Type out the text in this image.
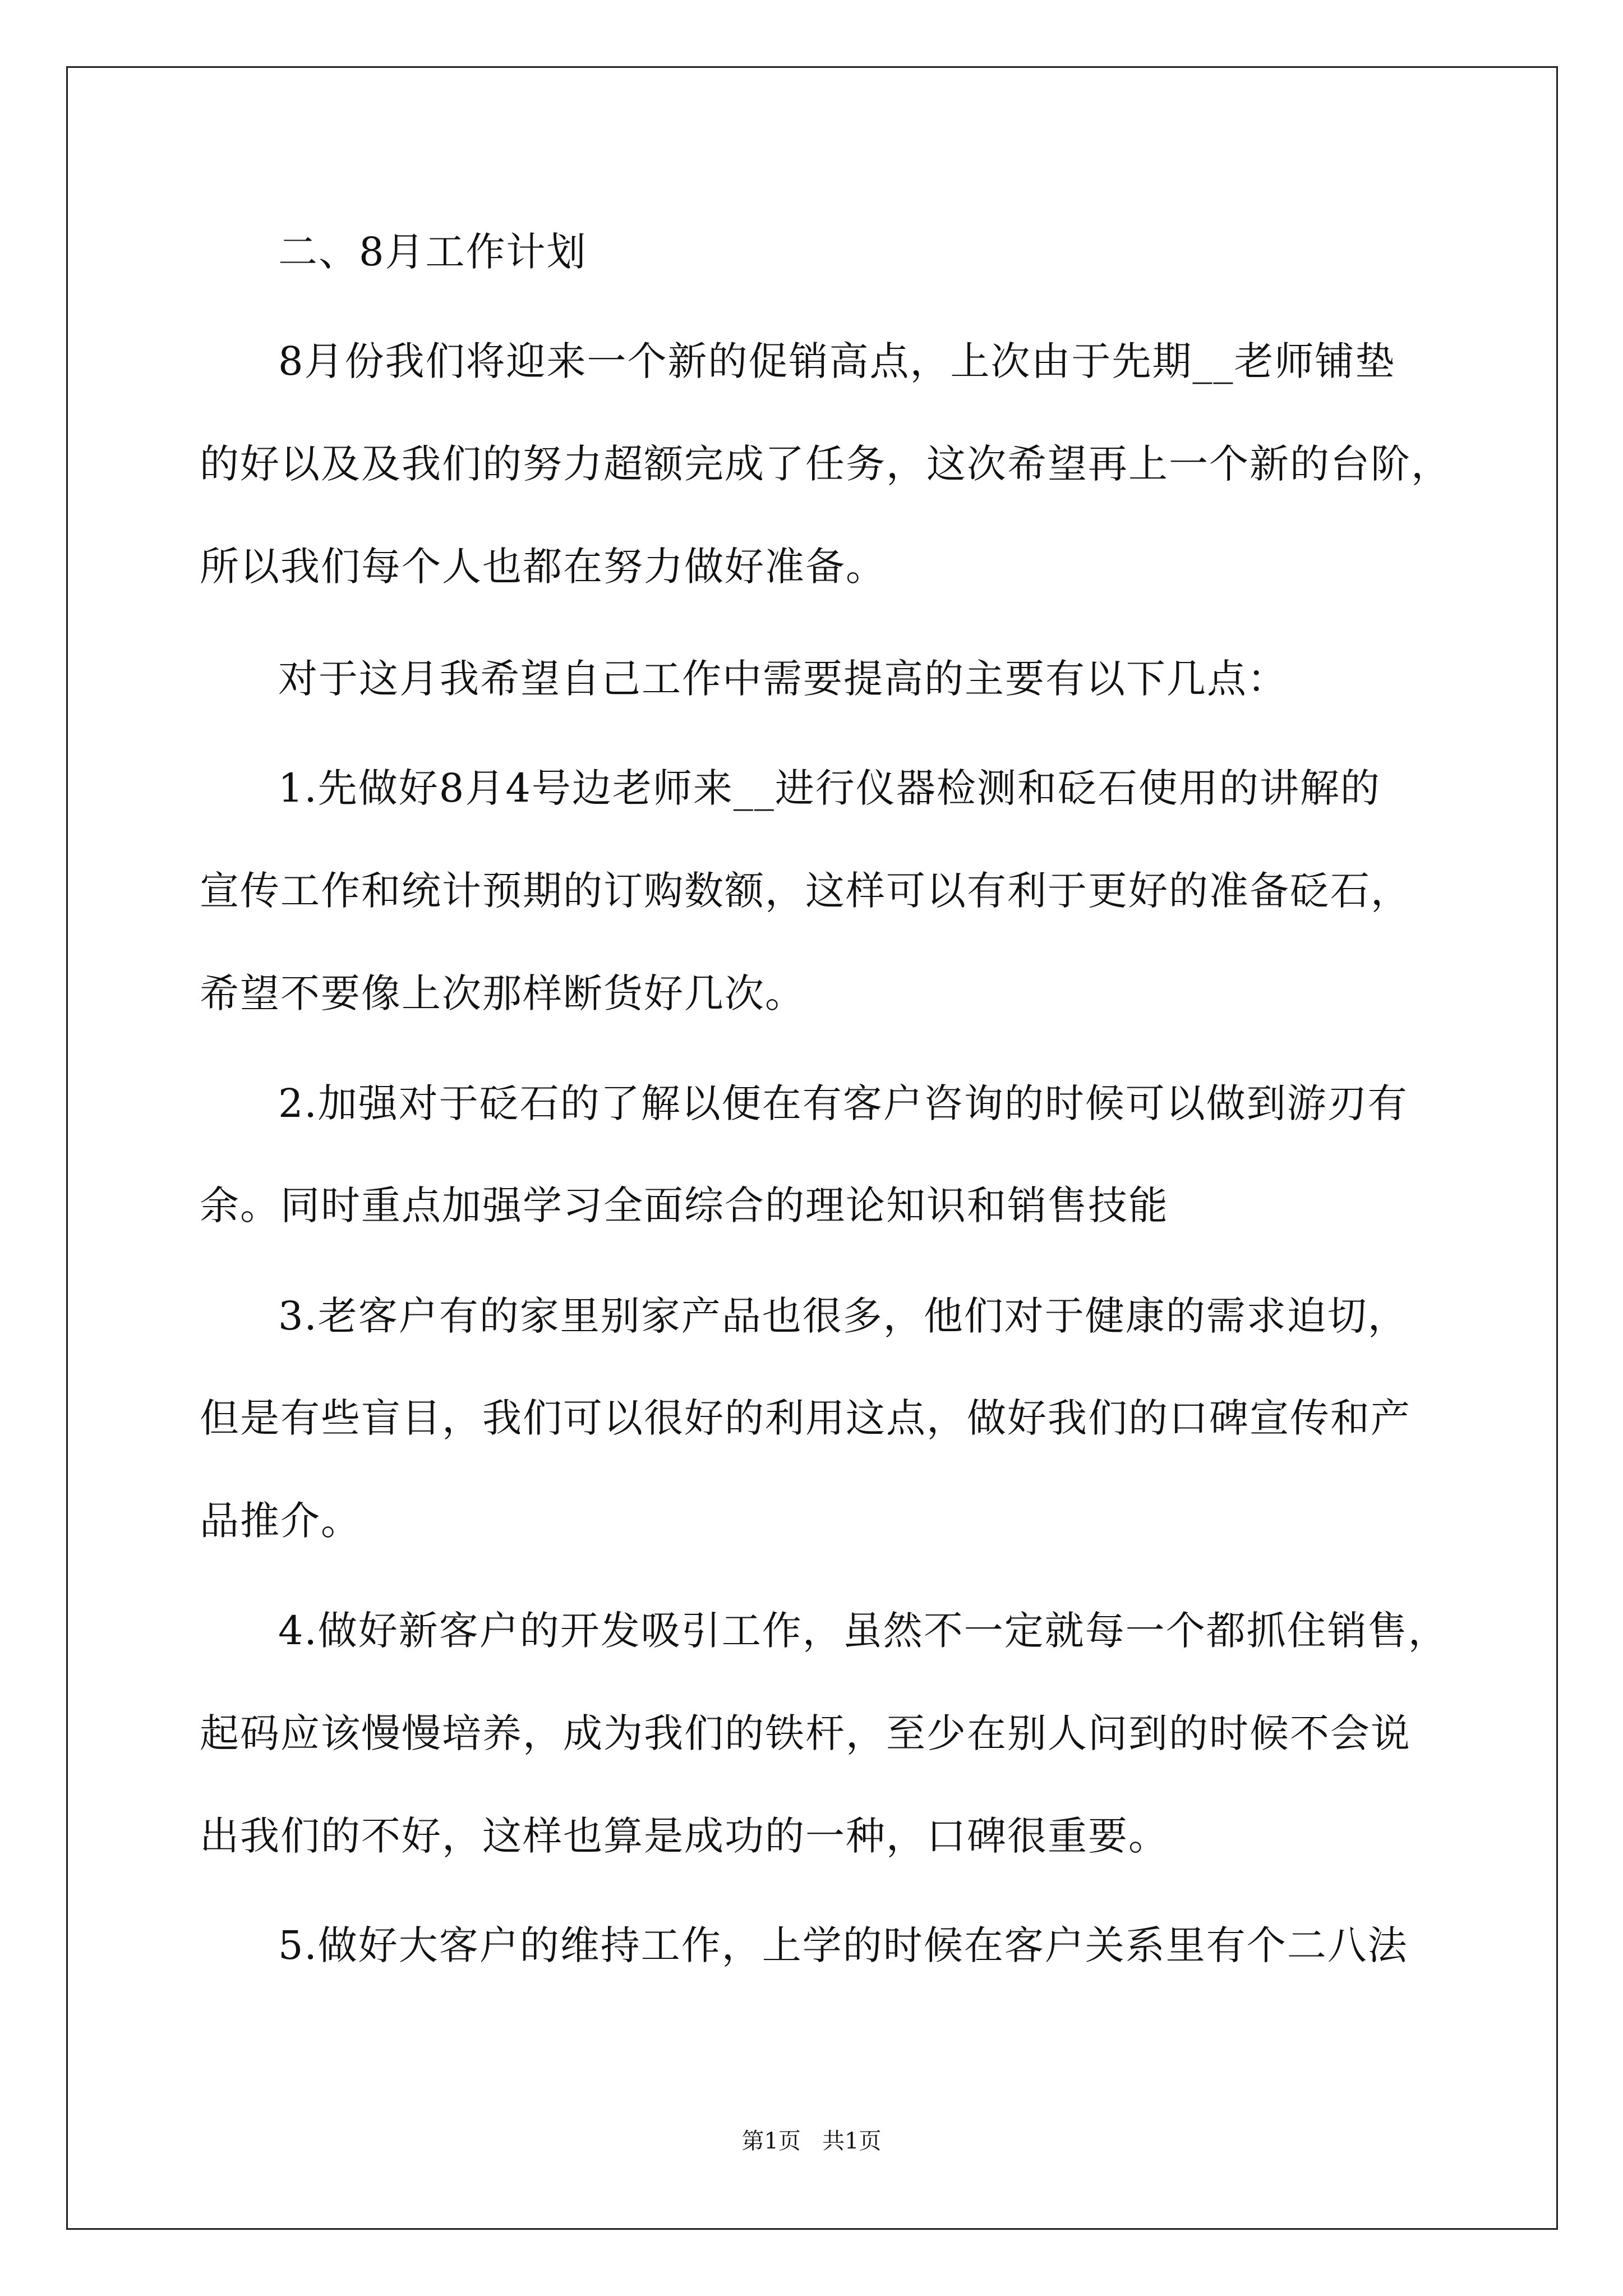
二、8月工作计划
8月份我们将迎来一个新的促销高点，上次由于先期__老师铺垫
的好以及及我们的努力超额完成了任务，这次希望再上一个新的台阶，
所以我们每个人也都在努力做好准备。
对于这月我希望自己工作中需要提高的主要有以下几点：
1.先做好8月4号边老师来__进行仪器检测和砭石使用的讲解的
宣传工作和统计预期的订购数额，这样可以有利于更好的准备砭石，
希望不要像上次那样断货好几次。
2.加强对于砭石的了解以便在有客户咨询的时候可以做到游刃有
余。同时重点加强学习全面综合的理论知识和销售技能
3.老客户有的家里别家产品也很多，他们对于健康的需求迫切，
但是有些盲目，我们可以很好的利用这点，做好我们的口碑宣传和产
品推介。
4.做好新客户的开发吸引工作，虽然不一定就每一个都抓住销售，
起码应该慢慢培养，成为我们的铁杆，至少在别人问到的时候不会说
出我们的不好，这样也算是成功的一种，口碑很重要。
5.做好大客户的维持工作，上学的时候在客户关系里有个二八法
第1页   共1页
